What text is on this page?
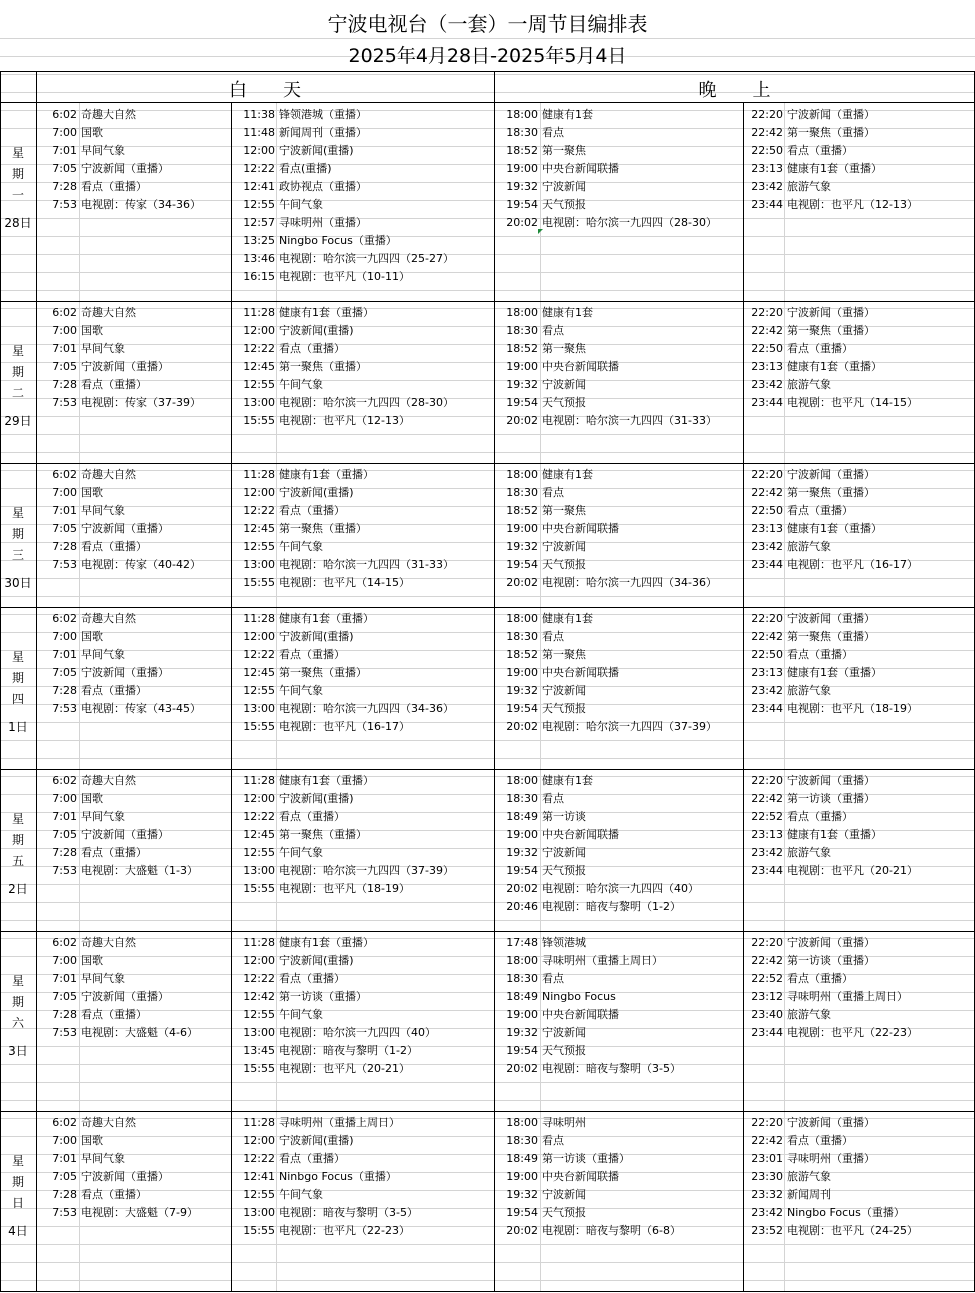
宁波电视台（一套）一周节目编排表
2025年4月28日-2025年5月4日
白　　天	晚　　上
星
期
一
28日
6:02 奇趣大自然
7:00 国歌
7:01 早间气象
7:05 宁波新闻（重播）
7:28 看点（重播）
7:53 电视剧：传家（34-36）
11:38 锋领港城（重播）
11:48 新闻周刊（重播）
12:00 宁波新闻(重播)
12:22 看点(重播)
12:41 政协视点（重播）
12:55 午间气象
12:57 寻味明州（重播）
13:25 Ningbo Focus（重播）
13:46 电视剧：哈尔滨一九四四（25-27）
16:15 电视剧：也平凡（10-11）
18:00 健康有1套
18:30 看点
18:52 第一聚焦
19:00 中央台新闻联播
19:32 宁波新闻
19:54 天气预报
20:02 电视剧：哈尔滨一九四四（28-30）
22:20 宁波新闻（重播）
22:42 第一聚焦（重播）
22:50 看点（重播）
23:13 健康有1套（重播）
23:42 旅游气象
23:44 电视剧：也平凡（12-13）
星
期
二
29日
6:02 奇趣大自然
7:00 国歌
7:01 早间气象
7:05 宁波新闻（重播）
7:28 看点（重播）
7:53 电视剧：传家（37-39）
11:28 健康有1套（重播）
12:00 宁波新闻(重播)
12:22 看点（重播）
12:45 第一聚焦（重播）
12:55 午间气象
13:00 电视剧：哈尔滨一九四四（28-30）
15:55 电视剧：也平凡（12-13）
18:00 健康有1套
18:30 看点
18:52 第一聚焦
19:00 中央台新闻联播
19:32 宁波新闻
19:54 天气预报
20:02 电视剧：哈尔滨一九四四（31-33）
22:20 宁波新闻（重播）
22:42 第一聚焦（重播）
22:50 看点（重播）
23:13 健康有1套（重播）
23:42 旅游气象
23:44 电视剧：也平凡（14-15）
星
期
三
30日
6:02 奇趣大自然
7:00 国歌
7:01 早间气象
7:05 宁波新闻（重播）
7:28 看点（重播）
7:53 电视剧：传家（40-42）
11:28 健康有1套（重播）
12:00 宁波新闻(重播)
12:22 看点（重播）
12:45 第一聚焦（重播）
12:55 午间气象
13:00 电视剧：哈尔滨一九四四（31-33）
15:55 电视剧：也平凡（14-15）
18:00 健康有1套
18:30 看点
18:52 第一聚焦
19:00 中央台新闻联播
19:32 宁波新闻
19:54 天气预报
20:02 电视剧：哈尔滨一九四四（34-36）
22:20 宁波新闻（重播）
22:42 第一聚焦（重播）
22:50 看点（重播）
23:13 健康有1套（重播）
23:42 旅游气象
23:44 电视剧：也平凡（16-17）
星
期
四
1日
6:02 奇趣大自然
7:00 国歌
7:01 早间气象
7:05 宁波新闻（重播）
7:28 看点（重播）
7:53 电视剧：传家（43-45）
11:28 健康有1套（重播）
12:00 宁波新闻(重播)
12:22 看点（重播）
12:45 第一聚焦（重播）
12:55 午间气象
13:00 电视剧：哈尔滨一九四四（34-36）
15:55 电视剧：也平凡（16-17）
18:00 健康有1套
18:30 看点
18:52 第一聚焦
19:00 中央台新闻联播
19:32 宁波新闻
19:54 天气预报
20:02 电视剧：哈尔滨一九四四（37-39）
22:20 宁波新闻（重播）
22:42 第一聚焦（重播）
22:50 看点（重播）
23:13 健康有1套（重播）
23:42 旅游气象
23:44 电视剧：也平凡（18-19）
星
期
五
2日
6:02 奇趣大自然
7:00 国歌
7:01 早间气象
7:05 宁波新闻（重播）
7:28 看点（重播）
7:53 电视剧：大盛魁（1-3）
11:28 健康有1套（重播）
12:00 宁波新闻(重播)
12:22 看点（重播）
12:45 第一聚焦（重播）
12:55 午间气象
13:00 电视剧：哈尔滨一九四四（37-39）
15:55 电视剧：也平凡（18-19）
18:00 健康有1套
18:30 看点
18:49 第一访谈
19:00 中央台新闻联播
19:32 宁波新闻
19:54 天气预报
20:02 电视剧：哈尔滨一九四四（40）
20:46 电视剧：暗夜与黎明（1-2）
22:20 宁波新闻（重播）
22:42 第一访谈（重播）
22:52 看点（重播）
23:13 健康有1套（重播）
23:42 旅游气象
23:44 电视剧：也平凡（20-21）
星
期
六
3日
6:02 奇趣大自然
7:00 国歌
7:01 早间气象
7:05 宁波新闻（重播）
7:28 看点（重播）
7:53 电视剧：大盛魁（4-6）
11:28 健康有1套（重播）
12:00 宁波新闻(重播)
12:22 看点（重播）
12:42 第一访谈（重播）
12:55 午间气象
13:00 电视剧：哈尔滨一九四四（40）
13:45 电视剧：暗夜与黎明（1-2）
15:55 电视剧：也平凡（20-21）
17:48 锋领港城
18:00 寻味明州（重播上周日）
18:30 看点
18:49 Ningbo Focus
19:00 中央台新闻联播
19:32 宁波新闻
19:54 天气预报
20:02 电视剧：暗夜与黎明（3-5）
22:20 宁波新闻（重播）
22:42 第一访谈（重播）
22:52 看点（重播）
23:12 寻味明州（重播上周日）
23:40 旅游气象
23:44 电视剧：也平凡（22-23）
星
期
日
4日
6:02 奇趣大自然
7:00 国歌
7:01 早间气象
7:05 宁波新闻（重播）
7:28 看点（重播）
7:53 电视剧：大盛魁（7-9）
11:28 寻味明州（重播上周日）
12:00 宁波新闻(重播)
12:22 看点（重播）
12:41 Ninbgo Focus（重播）
12:55 午间气象
13:00 电视剧：暗夜与黎明（3-5）
15:55 电视剧：也平凡（22-23）
18:00 寻味明州
18:30 看点
18:49 第一访谈（重播）
19:00 中央台新闻联播
19:32 宁波新闻
19:54 天气预报
20:02 电视剧：暗夜与黎明（6-8）
22:20 宁波新闻（重播）
22:42 看点（重播）
23:01 寻味明州（重播）
23:30 旅游气象
23:32 新闻周刊
23:42 Ningbo Focus（重播）
23:52 电视剧：也平凡（24-25）
